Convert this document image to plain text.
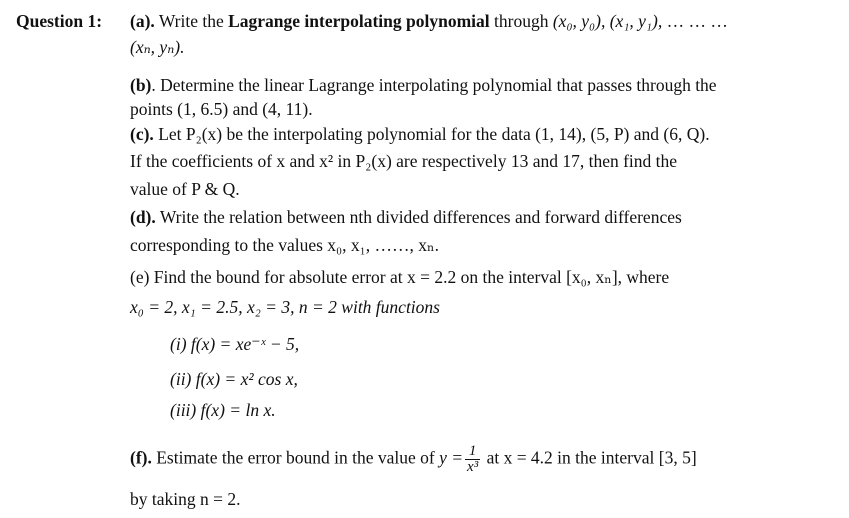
Question 1: (a). Write the Lagrange interpolating polynomial through (x₀, y₀), (x₁, y₁), … … …
(xₙ, yₙ).
(b). Determine the linear Lagrange interpolating polynomial that passes through the
points (1, 6.5) and (4, 11).
(c). Let P₂(x) be the interpolating polynomial for the data (1, 14), (5, P) and (6, Q).
If the coefficients of x and x² in P₂(x) are respectively 13 and 17, then find the
value of P & Q.
(d). Write the relation between nth divided differences and forward differences
corresponding to the values x₀, x₁, ……, xₙ.
(e) Find the bound for absolute error at x = 2.2 on the interval [x₀, xₙ], where
x₀ = 2, x₁ = 2.5, x₂ = 3, n = 2 with functions
(i) f(x) = xe⁻ˣ − 5,
(ii) f(x) = x² cos x,
(iii) f(x) = ln x.
(f). Estimate the error bound in the value of $y = \frac{1}{\text{x³}}$ at x = 4.2 in the interval [3, 5]
by taking n = 2.
